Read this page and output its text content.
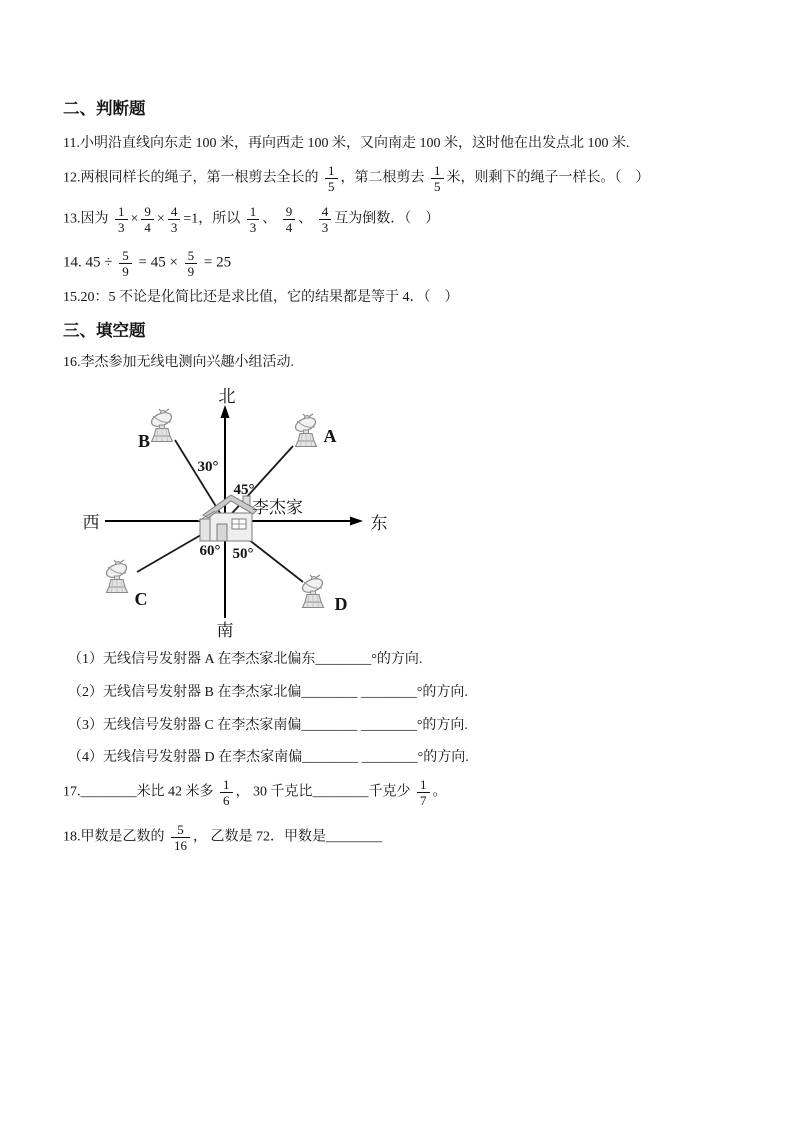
二、判断题
11.小明沿直线向东走 100 米，再向西走 100 米，又向南走 100 米，这时他在出发点北 100 米.
12.两根同样长的绳子，第一根剪去全长的 $\frac{1}{5}$ ，第二根剪去 $\frac{1}{5}$ 米，则剩下的绳子一样长。（　）
13.因为 $\frac{1}{3} \times \frac{9}{4} \times \frac{4}{3} =1$，所以 $\frac{1}{3}$ 、 $\frac{9}{4}$ 、 $\frac{4}{3}$ 互为倒数．（　）
14. $45 \div \frac{5}{9} = 45 \times \frac{5}{9} = 25$
15.20：5 不论是化简比还是求比值，它的结果都是等于 4．（　）
三、填空题
16.李杰参加无线电测向兴趣小组活动.
北
南
西	东
李杰家
30°
45°
60° 50°
B	A
C	D
（1）无线信号发射器 A 在李杰家北偏东________°的方向.
（2）无线信号发射器 B 在李杰家北偏________ ________°的方向.
（3）无线信号发射器 C 在李杰家南偏________ ________°的方向.
（4）无线信号发射器 D 在李杰家南偏________ ________°的方向.
17.________米比 42 米多 $\frac{1}{6}$ ， 30 千克比________千克少 $\frac{1}{7}$ 。
18.甲数是乙数的 $\frac{5}{16}$ ， 乙数是 72．甲数是________
